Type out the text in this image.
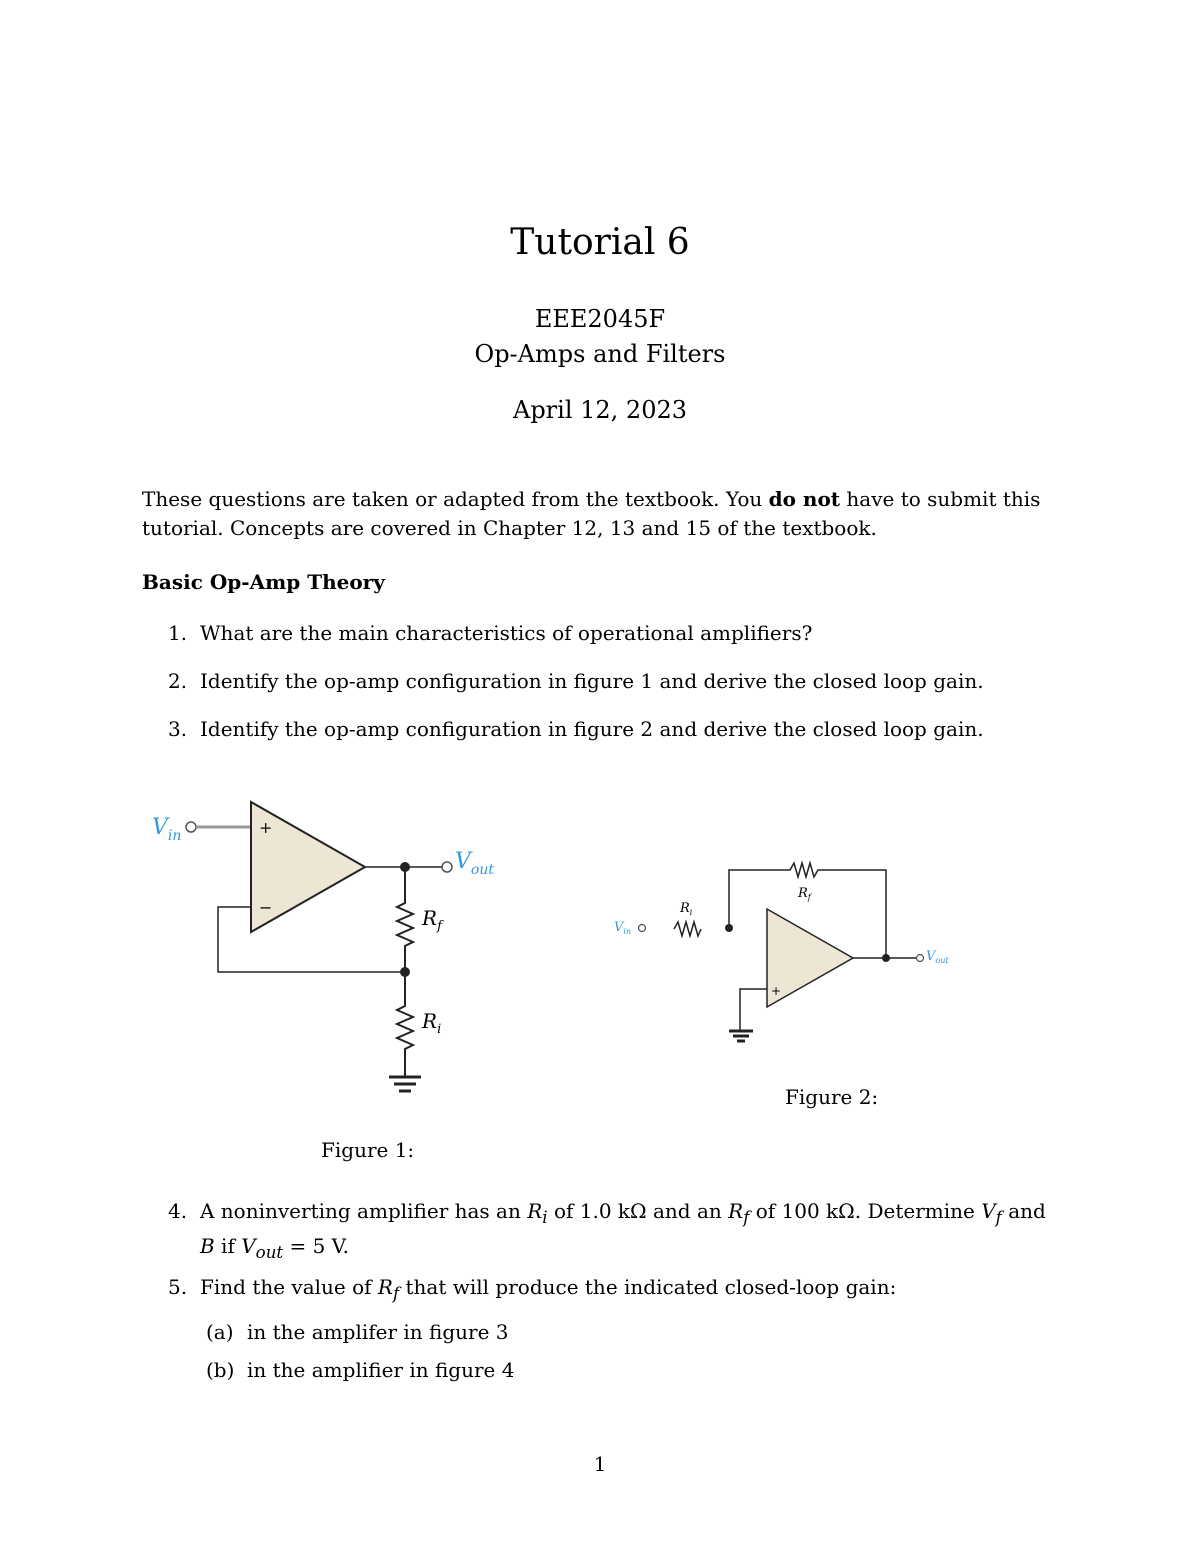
Tutorial 6
EEE2045F
Op-Amps and Filters
April 12, 2023
These questions are taken or adapted from the textbook. You do not have to submit this tutorial. Concepts are covered in Chapter 12, 13 and 15 of the textbook.
Basic Op-Amp Theory
1. What are the main characteristics of operational amplifiers?
2. Identify the op-amp configuration in figure 1 and derive the closed loop gain.
3. Identify the op-amp configuration in figure 2 and derive the closed loop gain.
$V_{in}$	+
−
$V_{out}$
$R_f$
$R_i$
$V_{in}$
$R_i$
$R_f$
+
$V_{out}$
Figure 2:
Figure 1:
4. A noninverting amplifier has an $R_i$ of 1.0 kΩ and an $R_f$ of 100 kΩ. Determine $V_f$ and
B if $V_{out} = 5$ V.
5. Find the value of $R_f$ that will produce the indicated closed-loop gain:
(a) in the amplifer in figure 3
(b) in the amplifier in figure 4
1
